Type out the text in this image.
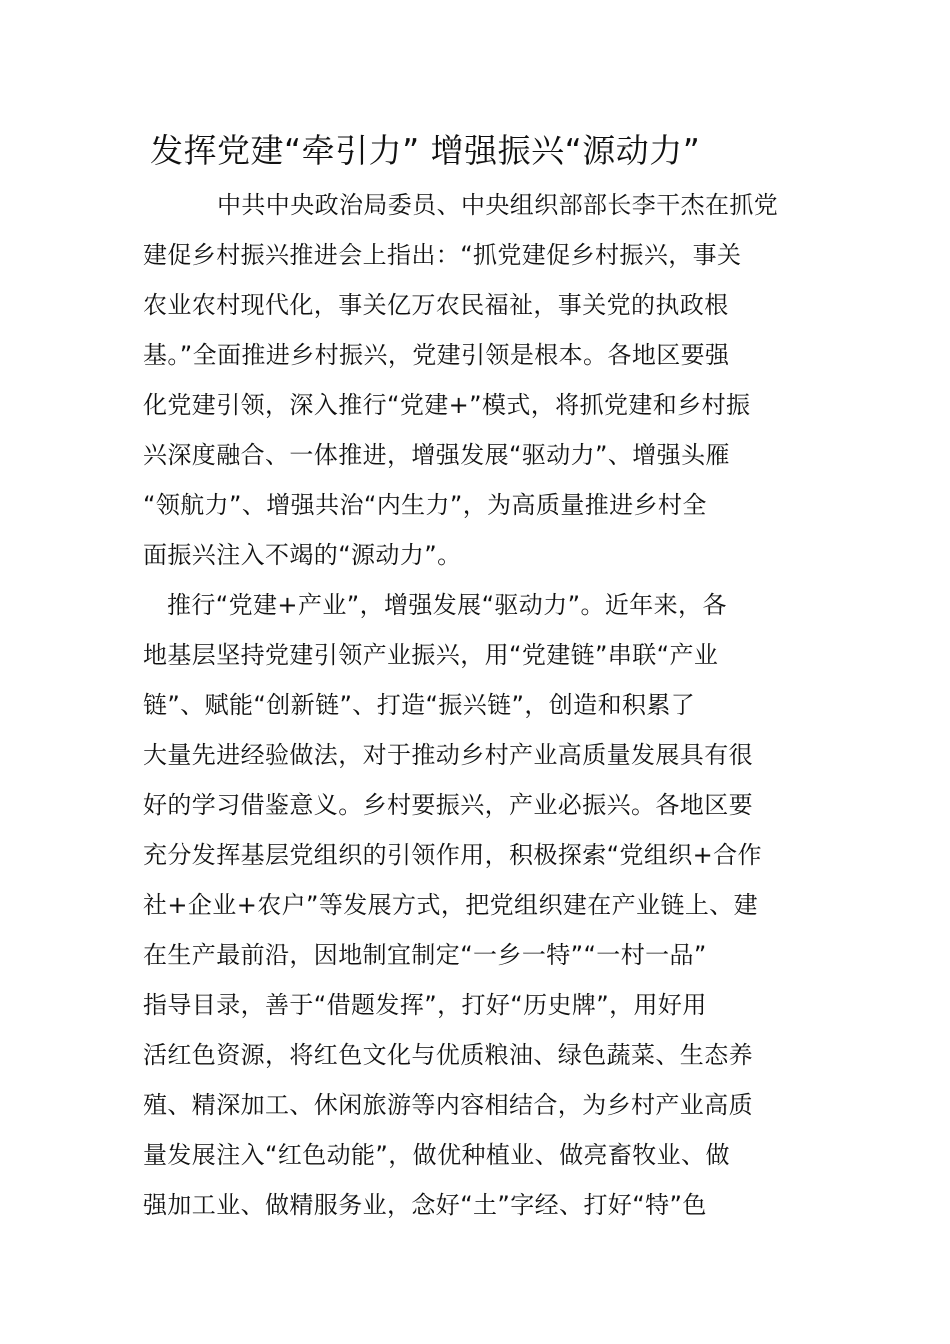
发挥党建“牵引力” 增强振兴“源动力”
中共中央政治局委员、中央组织部部长李干杰在抓党
建促乡村振兴推进会上指出：“抓党建促乡村振兴，事关
农业农村现代化，事关亿万农民福祉，事关党的执政根
基。”全面推进乡村振兴，党建引领是根本。各地区要强
化党建引领，深入推行“党建+”模式，将抓党建和乡村振
兴深度融合、一体推进，增强发展“驱动力”、增强头雁
“领航力”、增强共治“内生力”，为高质量推进乡村全
面振兴注入不竭的“源动力”。
推行“党建+产业”，增强发展“驱动力”。近年来，各
地基层坚持党建引领产业振兴，用“党建链”串联“产业
链”、赋能“创新链”、打造“振兴链”，创造和积累了
大量先进经验做法，对于推动乡村产业高质量发展具有很
好的学习借鉴意义。乡村要振兴，产业必振兴。各地区要
充分发挥基层党组织的引领作用，积极探索“党组织+合作
社+企业+农户”等发展方式，把党组织建在产业链上、建
在生产最前沿，因地制宜制定“一乡一特”“一村一品”
指导目录，善于“借题发挥”，打好“历史牌”，用好用
活红色资源，将红色文化与优质粮油、绿色蔬菜、生态养
殖、精深加工、休闲旅游等内容相结合，为乡村产业高质
量发展注入“红色动能”，做优种植业、做亮畜牧业、做
强加工业、做精服务业，念好“土”字经、打好“特”色
